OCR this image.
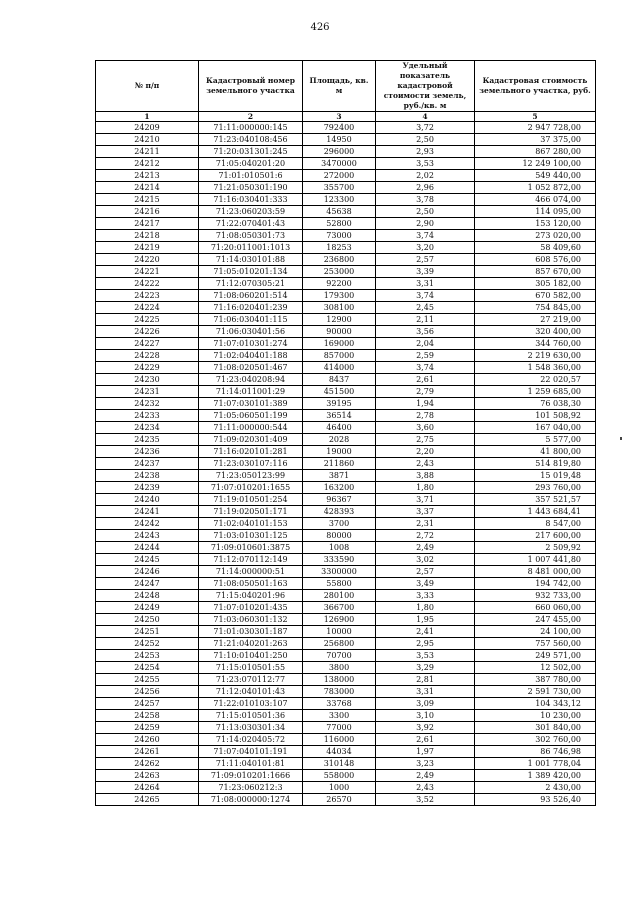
426
№ п/п	Кадастровый номер земельного участка	Площадь, кв. м	Удельный показатель кадастровой стоимости земель, руб./кв. м	Кадастровая стоимость земельного участка, руб.
1	2	3	4	5
24209	71:11:000000:145	792400	3,72	2 947 728,00
24210	71:23:040108:456	14950	2,50	37 375,00
24211	71:20:031301:245	296000	2,93	867 280,00
24212	71:05:040201:20	3470000	3,53	12 249 100,00
24213	71:01:010501:6	272000	2,02	549 440,00
24214	71:21:050301:190	355700	2,96	1 052 872,00
24215	71:16:030401:333	123300	3,78	466 074,00
24216	71:23:060203:59	45638	2,50	114 095,00
24217	71:22:070401:43	52800	2,90	153 120,00
24218	71:08:050301:73	73000	3,74	273 020,00
24219	71:20:011001:1013	18253	3,20	58 409,60
24220	71:14:030101:88	236800	2,57	608 576,00
24221	71:05:010201:134	253000	3,39	857 670,00
24222	71:12:070305:21	92200	3,31	305 182,00
24223	71:08:060201:514	179300	3,74	670 582,00
24224	71:16:020401:239	308100	2,45	754 845,00
24225	71:06:030401:115	12900	2,11	27 219,00
24226	71:06:030401:56	90000	3,56	320 400,00
24227	71:07:010301:274	169000	2,04	344 760,00
24228	71:02:040401:188	857000	2,59	2 219 630,00
24229	71:08:020501:467	414000	3,74	1 548 360,00
24230	71:23:040208:94	8437	2,61	22 020,57
24231	71:14:011001:29	451500	2,79	1 259 685,00
24232	71:07:030101:389	39195	1,94	76 038,30
24233	71:05:060501:199	36514	2,78	101 508,92
24234	71:11:000000:544	46400	3,60	167 040,00
24235	71:09:020301:409	2028	2,75	5 577,00
24236	71:16:020101:281	19000	2,20	41 800,00
24237	71:23:030107:116	211860	2,43	514 819,80
24238	71:23:050123:99	3871	3,88	15 019,48
24239	71:07:010201:1655	163200	1,80	293 760,00
24240	71:19:010501:254	96367	3,71	357 521,57
24241	71:19:020501:171	428393	3,37	1 443 684,41
24242	71:02:040101:153	3700	2,31	8 547,00
24243	71:03:010301:125	80000	2,72	217 600,00
24244	71:09:010601:3875	1008	2,49	2 509,92
24245	71:12:070112:149	333590	3,02	1 007 441,80
24246	71:14:000000:51	3300000	2,57	8 481 000,00
24247	71:08:050501:163	55800	3,49	194 742,00
24248	71:15:040201:96	280100	3,33	932 733,00
24249	71:07:010201:435	366700	1,80	660 060,00
24250	71:03:060301:132	126900	1,95	247 455,00
24251	71:01:030301:187	10000	2,41	24 100,00
24252	71:21:040201:263	256800	2,95	757 560,00
24253	71:10:010401:250	70700	3,53	249 571,00
24254	71:15:010501:55	3800	3,29	12 502,00
24255	71:23:070112:77	138000	2,81	387 780,00
24256	71:12:040101:43	783000	3,31	2 591 730,00
24257	71:22:010103:107	33768	3,09	104 343,12
24258	71:15:010501:36	3300	3,10	10 230,00
24259	71:13:030301:34	77000	3,92	301 840,00
24260	71:14:020405:72	116000	2,61	302 760,00
24261	71:07:040101:191	44034	1,97	86 746,98
24262	71:11:040101:81	310148	3,23	1 001 778,04
24263	71:09:010201:1666	558000	2,49	1 389 420,00
24264	71:23:060212:3	1000	2,43	2 430,00
24265	71:08:000000:1274	26570	3,52	93 526,40
